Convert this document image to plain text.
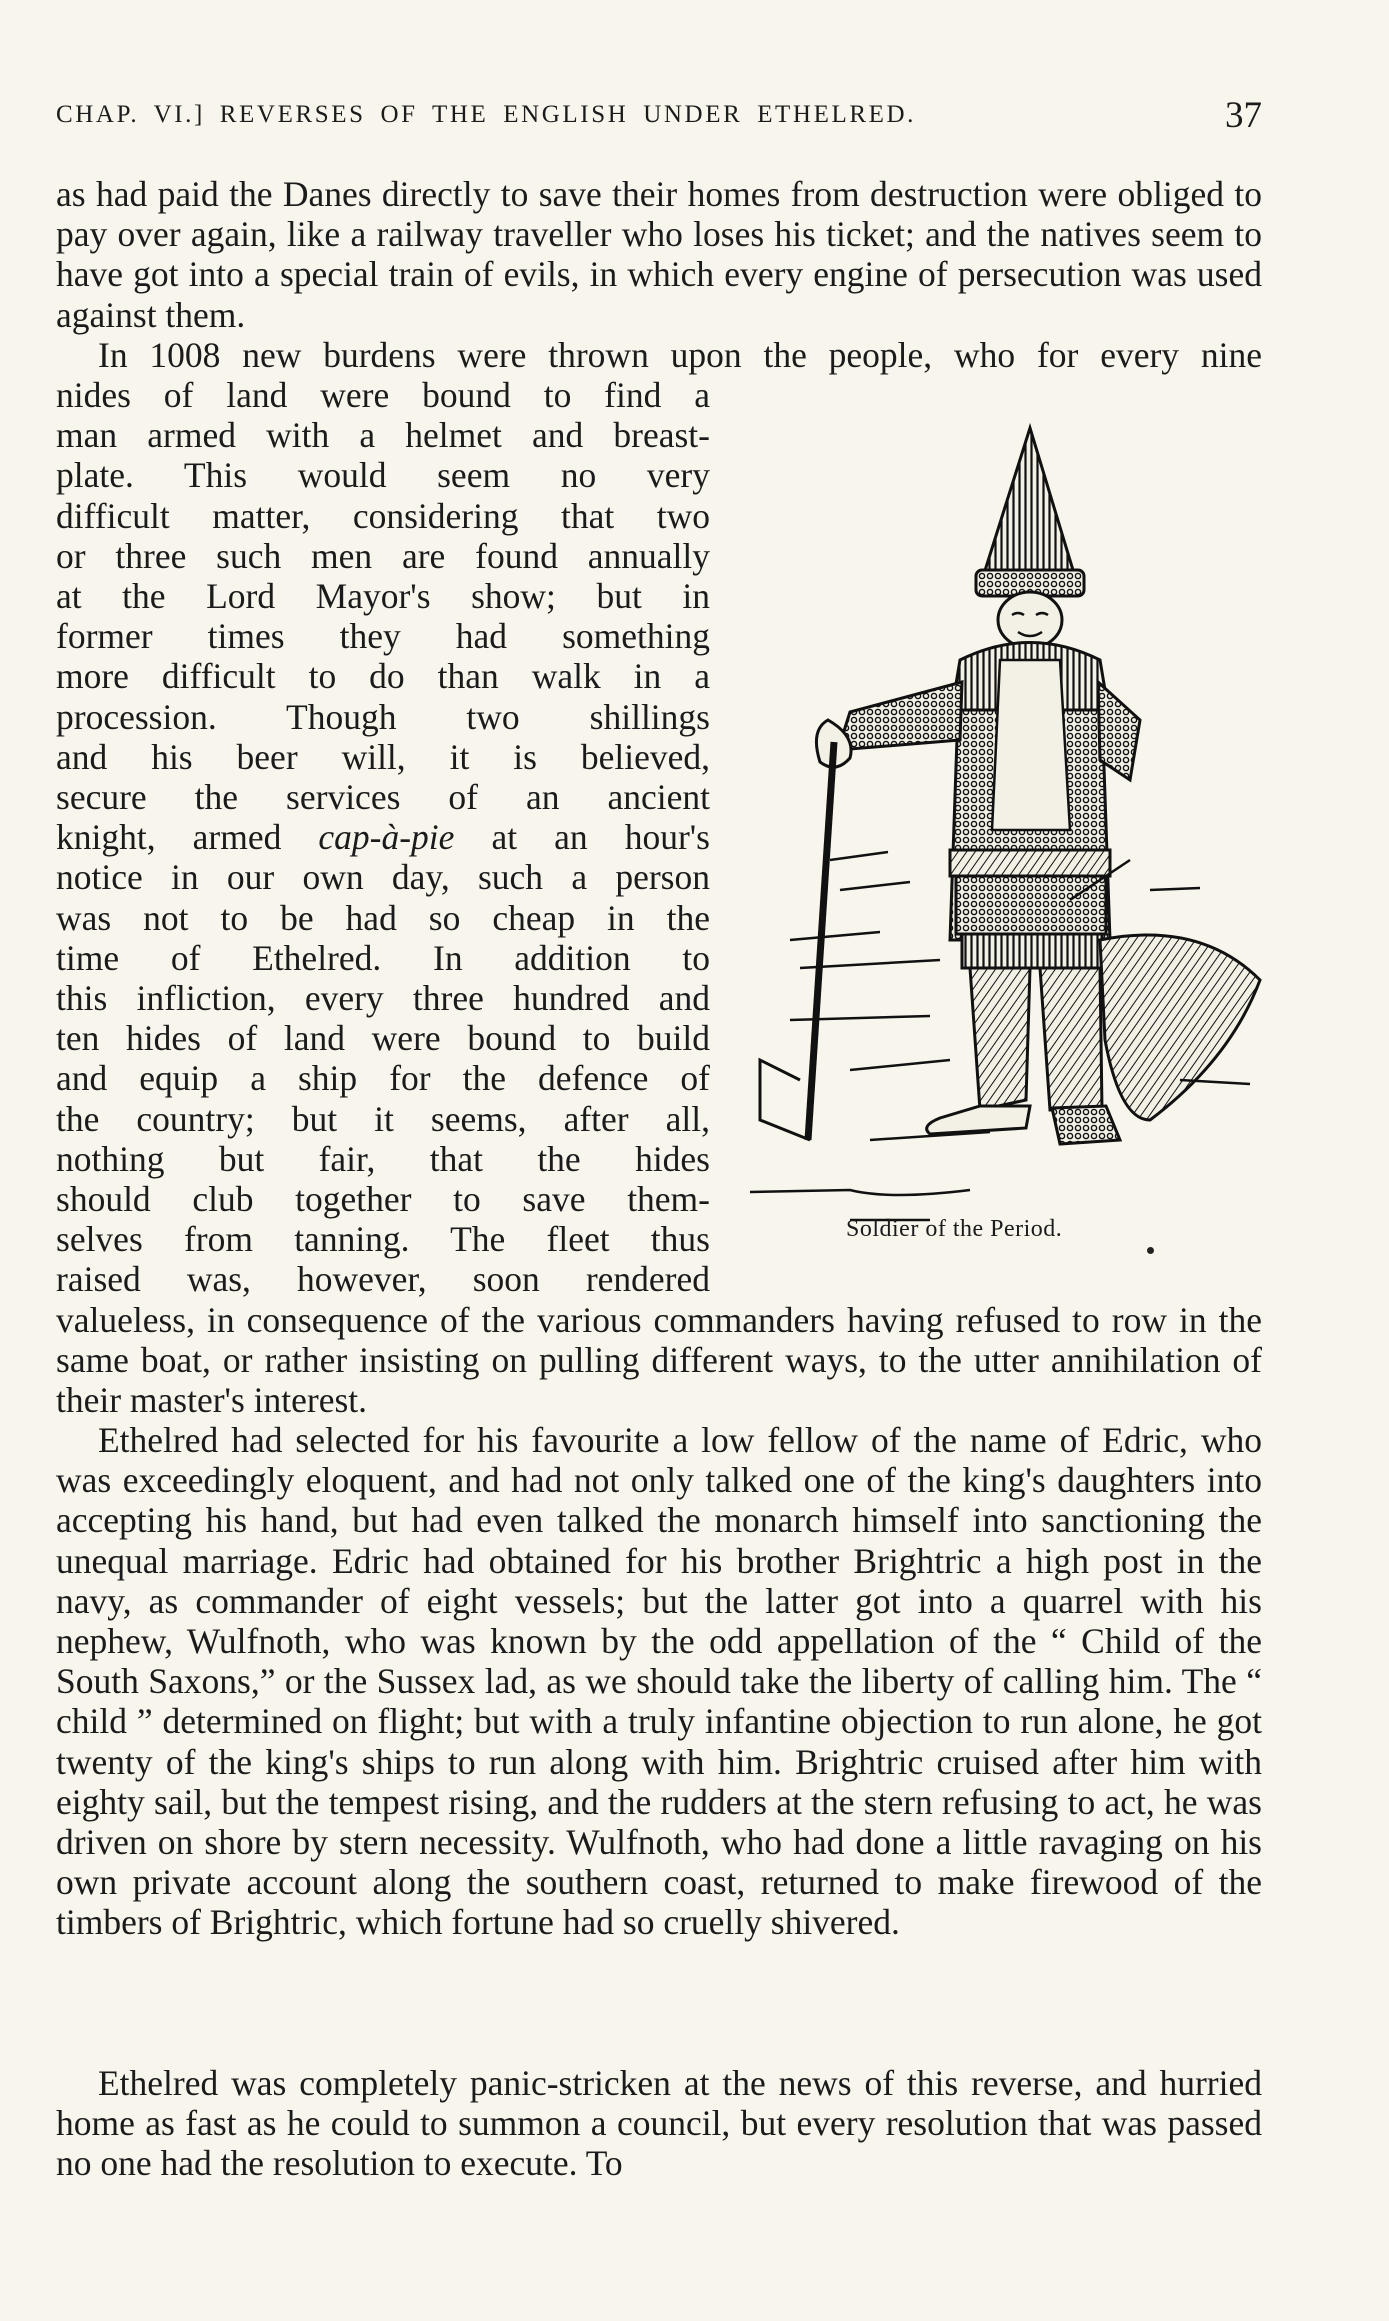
CHAP. VI.] REVERSES OF THE ENGLISH UNDER ETHELRED.	37
as had paid the Danes directly to save their homes from destruction were obliged to pay over again, like a railway traveller who loses his ticket; and the natives seem to have got into a special train of evils, in which every engine of persecution was used against them.
In 1008 new burdens were thrown upon the people, who for every nine
nides of land were bound to find a
man armed with a helmet and breast-
plate. This would seem no very
difficult matter, considering that two
or three such men are found annually
at the Lord Mayor's show; but in
former times they had something
more difficult to do than walk in a
procession. Though two shillings
and his beer will, it is believed,
secure the services of an ancient
knight, armed cap-à-pie at an hour's
notice in our own day, such a person
was not to be had so cheap in the
time of Ethelred. In addition to
this infliction, every three hundred and
ten hides of land were bound to build
and equip a ship for the defence of
the country; but it seems, after all,
nothing but fair, that the hides
should club together to save them-
selves from tanning. The fleet thus
raised was, however, soon rendered
valueless, in consequence of the various commanders having refused to row in the same boat, or rather insisting on pulling different ways, to the utter annihilation of their master's interest.
Ethelred had selected for his favourite a low fellow of the name of Edric, who was exceedingly eloquent, and had not only talked one of the king's daughters into accepting his hand, but had even talked the monarch himself into sanctioning the unequal marriage. Edric had obtained for his brother Brightric a high post in the navy, as commander of eight vessels; but the latter got into a quarrel with his nephew, Wulfnoth, who was known by the odd appellation of the “ Child of the South Saxons,” or the Sussex lad, as we should take the liberty of calling him. The “ child ” determined on flight; but with a truly infantine objection to run alone, he got twenty of the king's ships to run along with him. Brightric cruised after him with eighty sail, but the tempest rising, and the rudders at the stern refusing to act, he was driven on shore by stern necessity. Wulfnoth, who had done a little ravaging on his own private account along the southern coast, returned to make firewood of the timbers of Brightric, which fortune had so cruelly shivered.
Ethelred was completely panic-stricken at the news of this reverse, and hurried home as fast as he could to summon a council, but every resolution that was passed no one had the resolution to execute. To
Soldier of the Period.
